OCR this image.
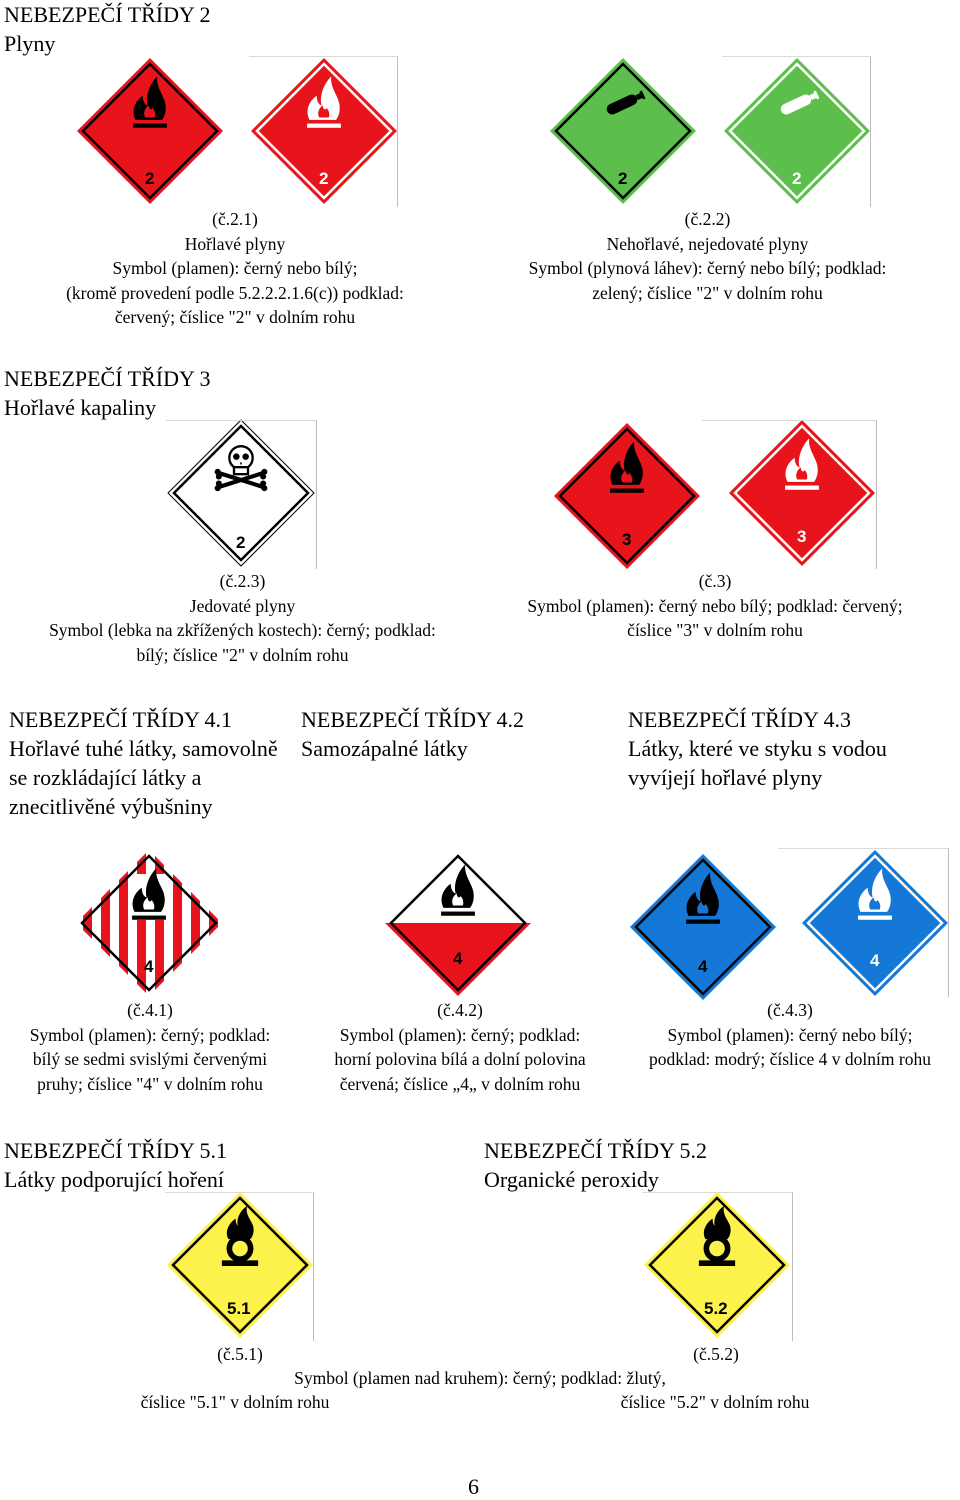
NEBEZPEČÍ TŘÍDY 2
Plyny
2	2	2	2
(č.2.1)
Hořlavé plyny
Symbol (plamen): černý nebo bílý;
(kromě provedení podle 5.2.2.2.1.6(c)) podklad:
červený; číslice "2" v dolním rohu
(č.2.2)
Nehořlavé, nejedovaté plyny
Symbol (plynová láhev): černý nebo bílý; podklad:
zelený; číslice "2" v dolním rohu
NEBEZPEČÍ TŘÍDY 3
Hořlavé kapaliny
2	3	3
(č.2.3)
Jedovaté plyny
Symbol (lebka na zkřížených kostech): černý; podklad:
bílý; číslice "2" v dolním rohu
(č.3)
Symbol (plamen): černý nebo bílý; podklad: červený;
číslice "3" v dolním rohu
NEBEZPEČÍ TŘÍDY 4.1
Hořlavé tuhé látky, samovolně se rozkládající látky a znecitlivěné výbušniny
NEBEZPEČÍ TŘÍDY 4.2
Samozápalné látky
NEBEZPEČÍ TŘÍDY 4.3
Látky, které ve styku s vodou vyvíjejí hořlavé plyny
4	4	4	4
(č.4.1)
Symbol (plamen): černý; podklad:
bílý se sedmi svislými červenými
pruhy; číslice "4" v dolním rohu
(č.4.2)
Symbol (plamen): černý; podklad:
horní polovina bílá a dolní polovina
červená; číslice „4„ v dolním rohu
(č.4.3)
Symbol (plamen): černý nebo bílý;
podklad: modrý; číslice 4 v dolním rohu
NEBEZPEČÍ TŘÍDY 5.1
Látky podporující hoření
NEBEZPEČÍ TŘÍDY 5.2
Organické peroxidy
5.1	5.2
(č.5.1)	(č.5.2)
Symbol (plamen nad kruhem): černý; podklad: žlutý,
číslice "5.1" v dolním rohu	číslice "5.2" v dolním rohu
6
